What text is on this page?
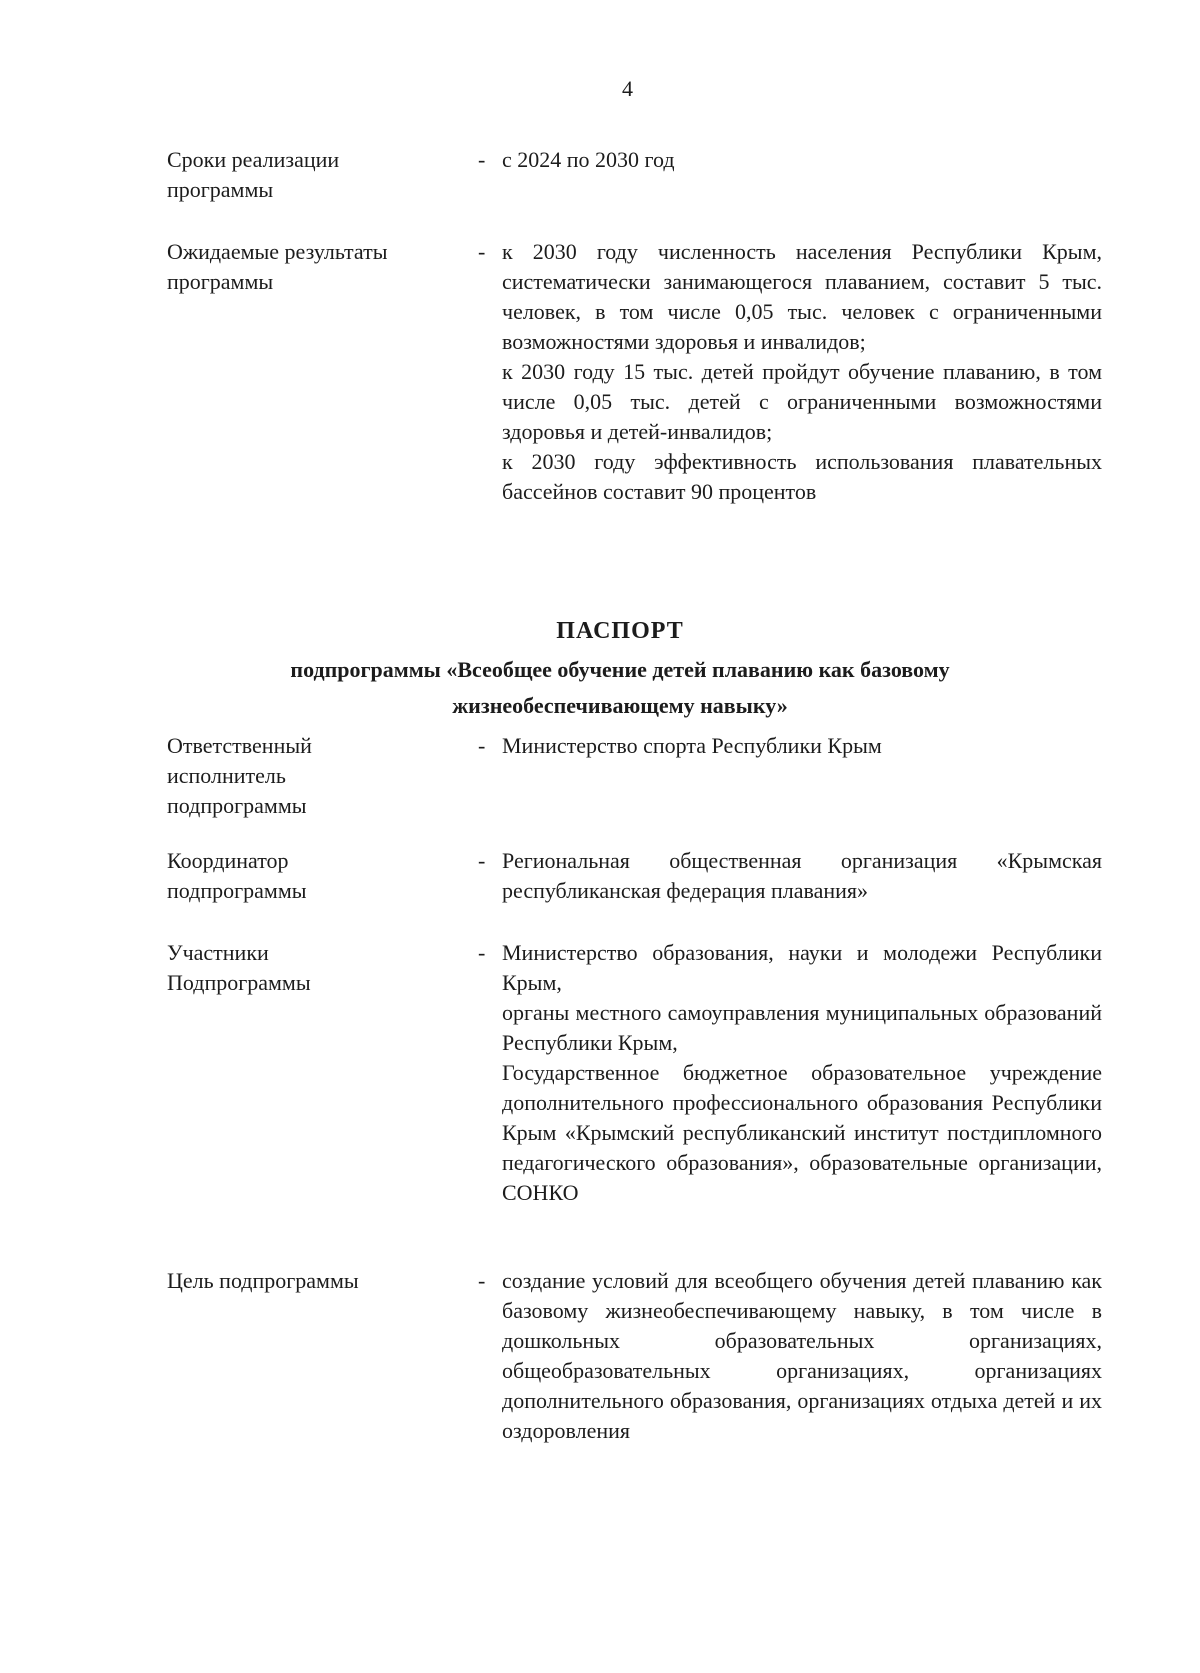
4
Сроки реализации
программы
- с 2024 по 2030 год

Ожидаемые результаты
программы
- к 2030 году численность населения Республики Крым, систематически занимающегося плаванием, составит 5 тыс. человек, в том числе 0,05 тыс. человек с ограниченными возможностями здоровья и инвалидов;

к 2030 году 15 тыс. детей пройдут обучение плаванию, в том числе 0,05 тыс. детей с ограниченными возможностями здоровья и детей-инвалидов;

к 2030 году эффективность использования плавательных бассейнов составит 90 процентов

ПАСПОРТ
подпрограммы «Всеобщее обучение детей плаванию как базовому
жизнеобеспечивающему навыку»
Ответственный
исполнитель
подпрограммы
- Министерство спорта Республики Крым

Координатор
подпрограммы
- Региональная общественная организация «Крымская республиканская федерация плавания»

Участники
Подпрограммы
- Министерство образования, науки и молодежи Республики Крым,

органы местного самоуправления муниципальных образований Республики Крым,

Государственное бюджетное образовательное учреждение дополнительного профессионального образования Республики Крым «Крымский республиканский институт постдипломного педагогического образования», образовательные организации, СОНКО

Цель подпрограммы	- создание условий для всеобщего обучения детей плаванию как базовому жизнеобеспечивающему навыку, в том числе в дошкольных образовательных организациях, общеобразовательных организациях, организациях дополнительного образования, организациях отдыха детей и их оздоровления
